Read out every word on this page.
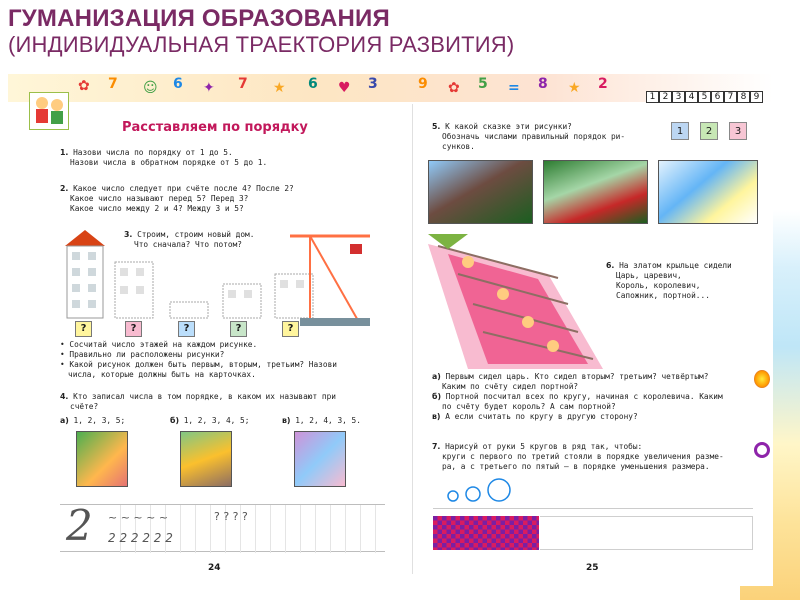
ГУМАНИЗАЦИЯ ОБРАЗОВАНИЯ
(ИНДИВИДУАЛЬНАЯ ТРАЕКТОРИЯ РАЗВИТИЯ)
✿ 7 ☺ 6 ✦ 7 ★ 6 ♥ 3	9 ✿ 5 = 8 ★ 2
1 2 3 4 5 6 7 8 9
Расставляем по порядку
1. Назови числа по порядку от 1 до 5.
Назови числа в обратном порядке от 5 до 1.
2. Какое число следует при счёте после 4? После 2?
Какое число называют перед 5? Перед 3?
Какое число между 2 и 4? Между 3 и 5?
3. Строим, строим новый дом.
Что сначала? Что потом?
?	?	?	?	?
• Сосчитай число этажей на каждом рисунке.
• Правильно ли расположены рисунки?
• Какой рисунок должен быть первым, вторым, третьим? Назови
числа, которые должны быть на карточках.
4. Кто записал числа в том порядке, в каком их называют при
счёте?
а) 1, 2, 3, 5;	б) 1, 2, 3, 4, 5;	в) 1, 2, 4, 3, 5.
2 ~ ~ ~ ~ ~
2 2 2 2 2 2
? ? ? ?
24
5. К какой сказке эти рисунки?
Обозначь числами правильный порядок ри-
сунков.
1	2	3
6. На златом крыльце сидели
Царь, царевич,
Король, королевич,
Сапожник, портной...
а) Первым сидел царь. Кто сидел вторым? третьим? четвёртым?
Каким по счёту сидел портной?
б) Портной посчитал всех по кругу, начиная с королевича. Каким
по счёту будет король? А сам портной?
в) А если считать по кругу в другую сторону?
7. Нарисуй от руки 5 кругов в ряд так, чтобы:
круги с первого по третий стояли в порядке увеличения разме-
ра, а с третьего по пятый — в порядке уменьшения размера.
25
